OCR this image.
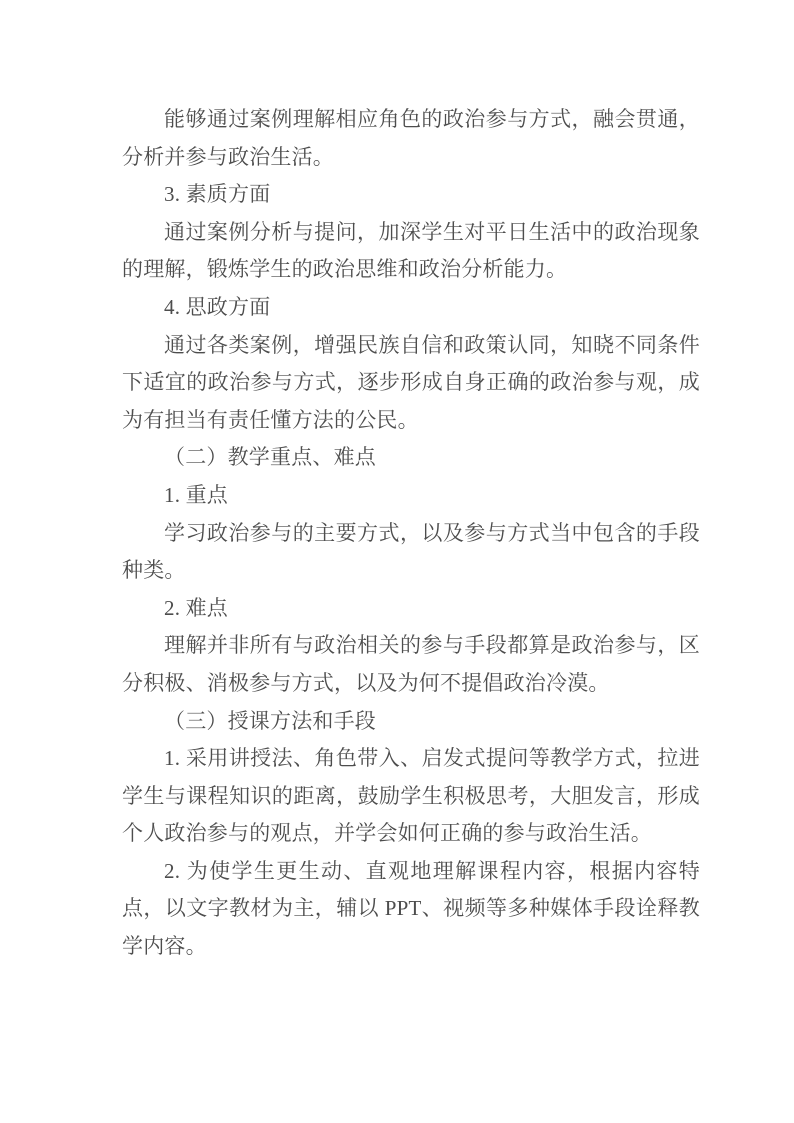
能够通过案例理解相应角色的政治参与方式，融会贯通，分析并参与政治生活。

3. 素质方面

通过案例分析与提问，加深学生对平日生活中的政治现象的理解，锻炼学生的政治思维和政治分析能力。

4. 思政方面

通过各类案例，增强民族自信和政策认同，知晓不同条件下适宜的政治参与方式，逐步形成自身正确的政治参与观，成为有担当有责任懂方法的公民。

（二）教学重点、难点

1. 重点

学习政治参与的主要方式，以及参与方式当中包含的手段种类。

2. 难点

理解并非所有与政治相关的参与手段都算是政治参与，区分积极、消极参与方式，以及为何不提倡政治冷漠。

（三）授课方法和手段

1. 采用讲授法、角色带入、启发式提问等教学方式，拉进学生与课程知识的距离，鼓励学生积极思考，大胆发言，形成个人政治参与的观点，并学会如何正确的参与政治生活。

2. 为使学生更生动、直观地理解课程内容，根据内容特点，以文字教材为主，辅以 PPT、视频等多种媒体手段诠释教学内容。
